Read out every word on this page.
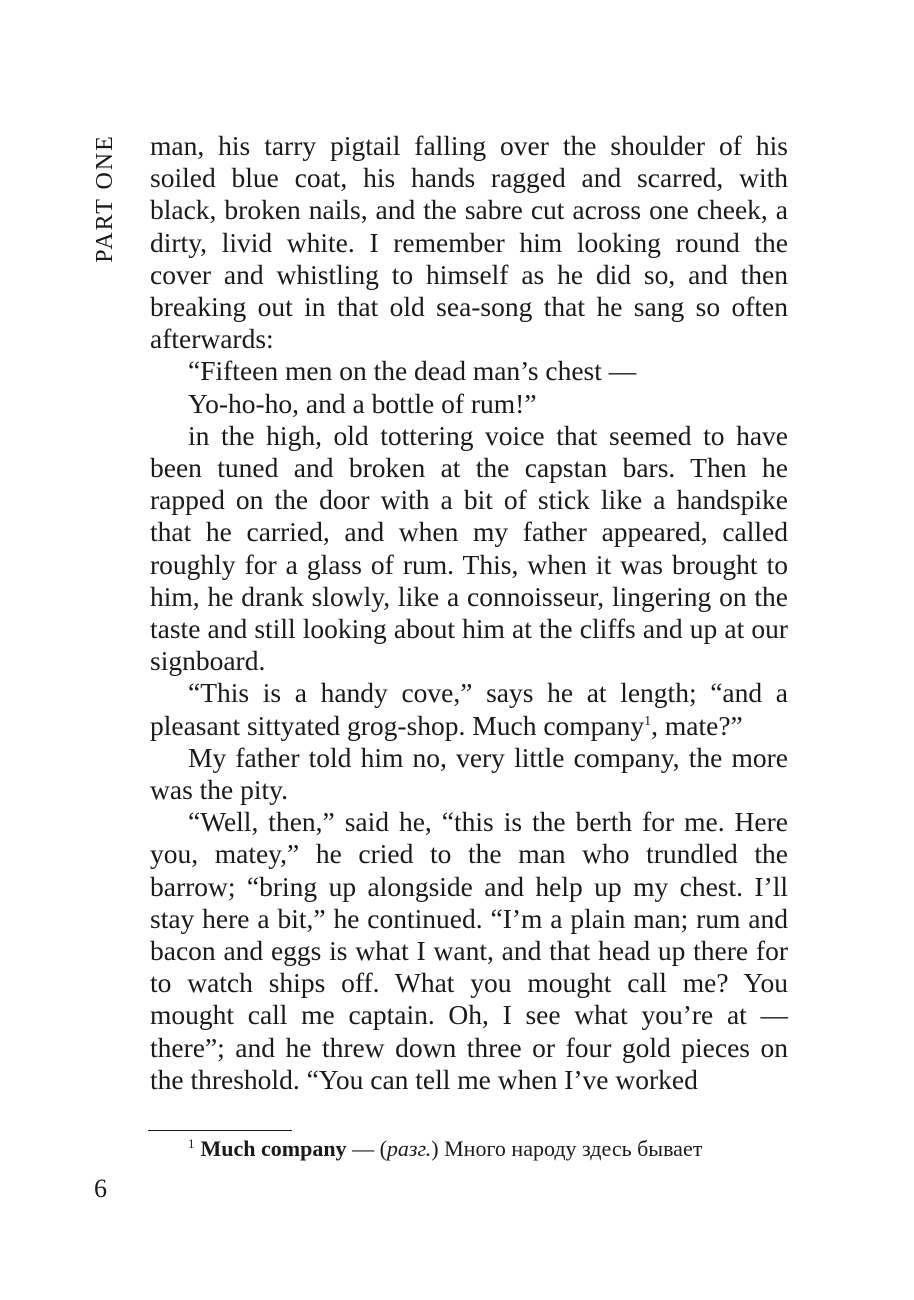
PART ONE man, his tarry pigtail falling over the shoulder of his soiled blue coat, his hands ragged and scarred, with black, broken nails, and the sabre cut across one cheek, a dirty, livid white. I remember him looking round the cover and whistling to himself as he did so, and then breaking out in that old sea-song that he sang so often afterwards:

“Fifteen men on the dead man’s chest —

Yo-ho-ho, and a bottle of rum!”

in the high, old tottering voice that seemed to have been tuned and broken at the capstan bars. Then he rapped on the door with a bit of stick like a handspike that he carried, and when my father appeared, called roughly for a glass of rum. This, when it was brought to him, he drank slowly, like a connoisseur, lingering on the taste and still looking about him at the cliffs and up at our signboard.

“This is a handy cove,” says he at length; “and a pleasant sittyated grog-shop. Much company$^1$, mate?”

My father told him no, very little company, the more was the pity.

“Well, then,” said he, “this is the berth for me. Here you, matey,” he cried to the man who trundled the barrow; “bring up alongside and help up my chest. I’ll stay here a bit,” he continued. “I’m a plain man; rum and bacon and eggs is what I want, and that head up there for to watch ships off. What you mought call me? You mought call me captain. Oh, I see what you’re at — there”; and he threw down three or four gold pieces on the threshold. “You can tell me when I’ve worked

$^1$ Much company — (разг.) Много народу здесь бывает
6
